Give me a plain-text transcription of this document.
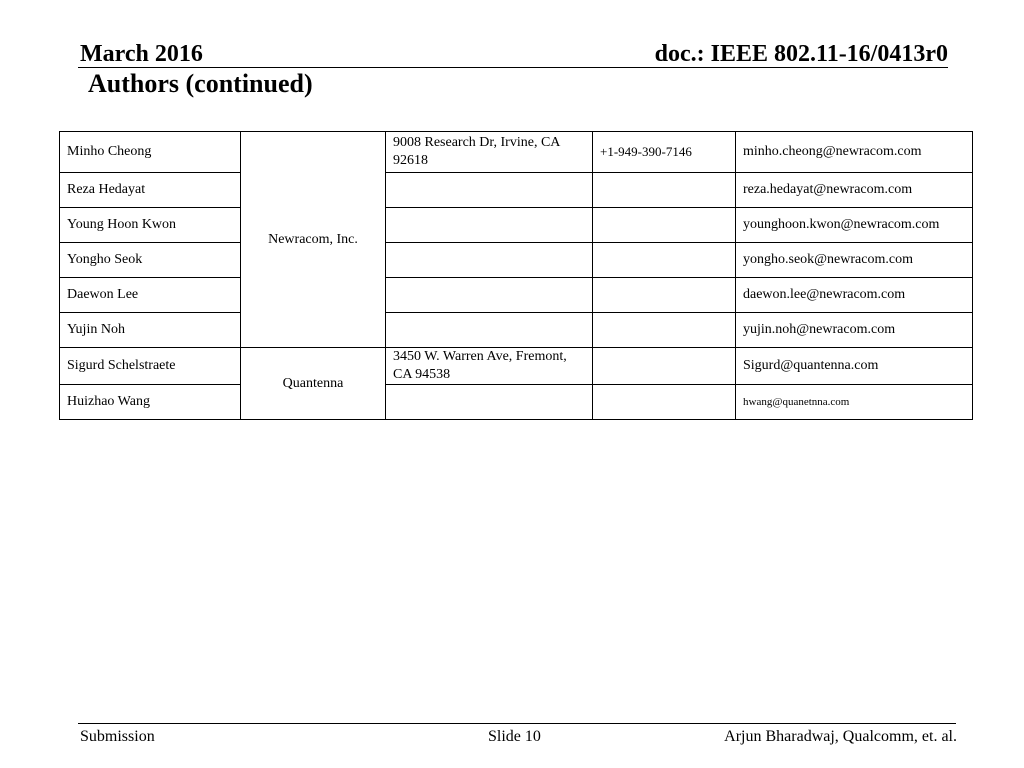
March 2016	doc.: IEEE 802.11-16/0413r0
Authors (continued)
Minho Cheong	Newracom, Inc.	9008 Research Dr, Irvine, CA 92618	+1-949-390-7146	minho.cheong@newracom.com
Reza Hedayat				reza.hedayat@newracom.com
Young Hoon Kwon				younghoon.kwon@newracom.com
Yongho Seok				yongho.seok@newracom.com
Daewon Lee				daewon.lee@newracom.com
Yujin Noh				yujin.noh@newracom.com
Sigurd Schelstraete	Quantenna	3450 W. Warren Ave, Fremont, CA 94538		Sigurd@quantenna.com
Huizhao Wang				hwang@quanetnna.com
Submission	Slide 10	Arjun Bharadwaj, Qualcomm, et. al.
